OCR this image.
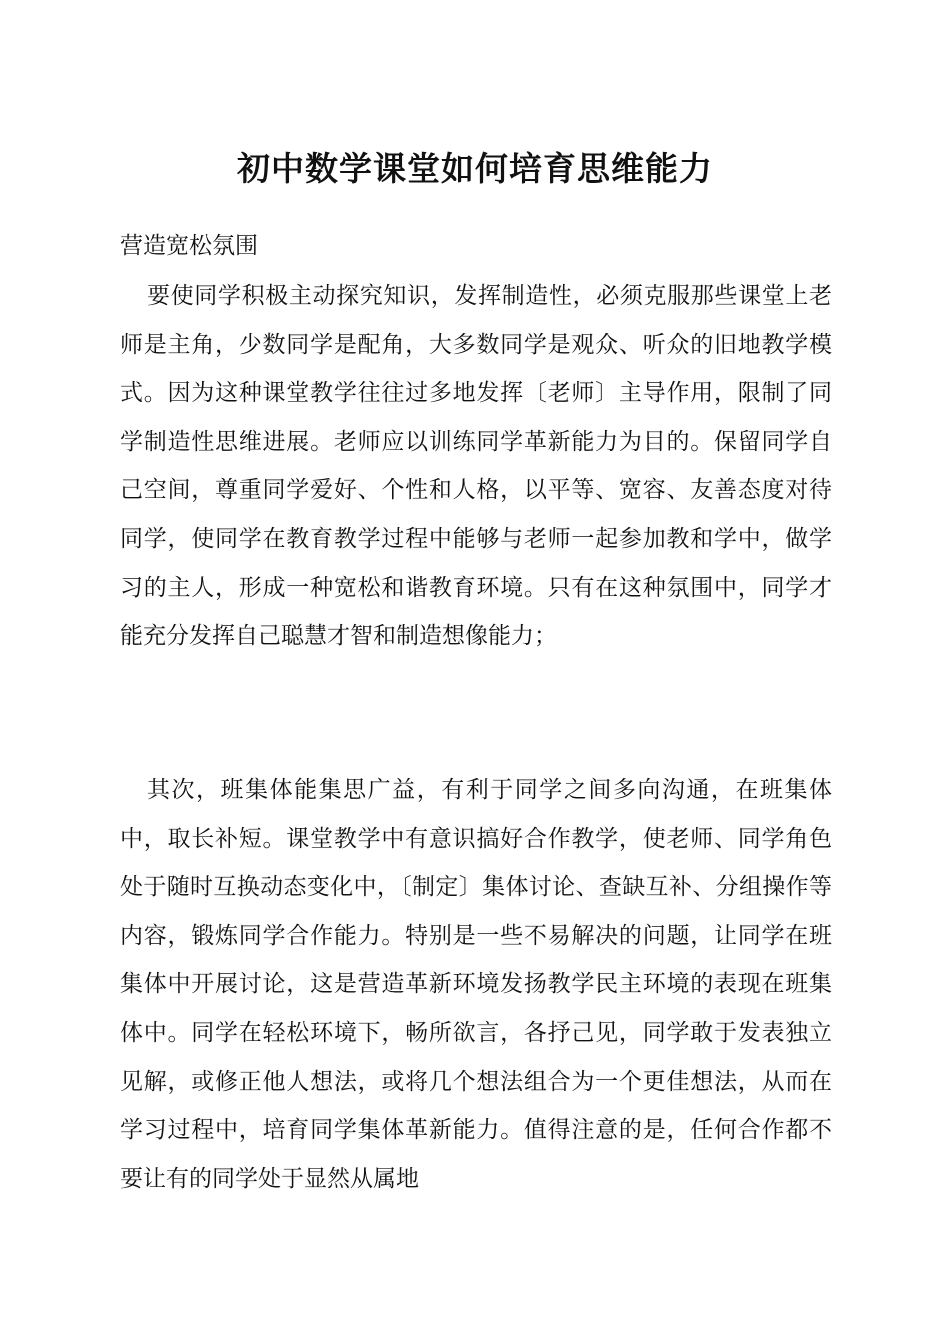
初中数学课堂如何培育思维能力
营造宽松氛围

要使同学积极主动探究知识，发挥制造性，必须克服那些课堂上老师是主角，少数同学是配角，大多数同学是观众、听众的旧地教学模式。因为这种课堂教学往往过多地发挥〔老师〕主导作用，限制了同学制造性思维进展。老师应以训练同学革新能力为目的。保留同学自己空间，尊重同学爱好、个性和人格，以平等、宽容、友善态度对待同学，使同学在教育教学过程中能够与老师一起参加教和学中，做学习的主人，形成一种宽松和谐教育环境。只有在这种氛围中，同学才能充分发挥自己聪慧才智和制造想像能力；

其次，班集体能集思广益，有利于同学之间多向沟通，在班集体中，取长补短。课堂教学中有意识搞好合作教学，使老师、同学角色处于随时互换动态变化中，〔制定〕集体讨论、查缺互补、分组操作等内容，锻炼同学合作能力。特别是一些不易解决的问题，让同学在班集体中开展讨论，这是营造革新环境发扬教学民主环境的表现在班集体中。同学在轻松环境下，畅所欲言，各抒己见，同学敢于发表独立见解，或修正他人想法，或将几个想法组合为一个更佳想法，从而在学习过程中，培育同学集体革新能力。值得注意的是，任何合作都不要让有的同学处于显然从属地
